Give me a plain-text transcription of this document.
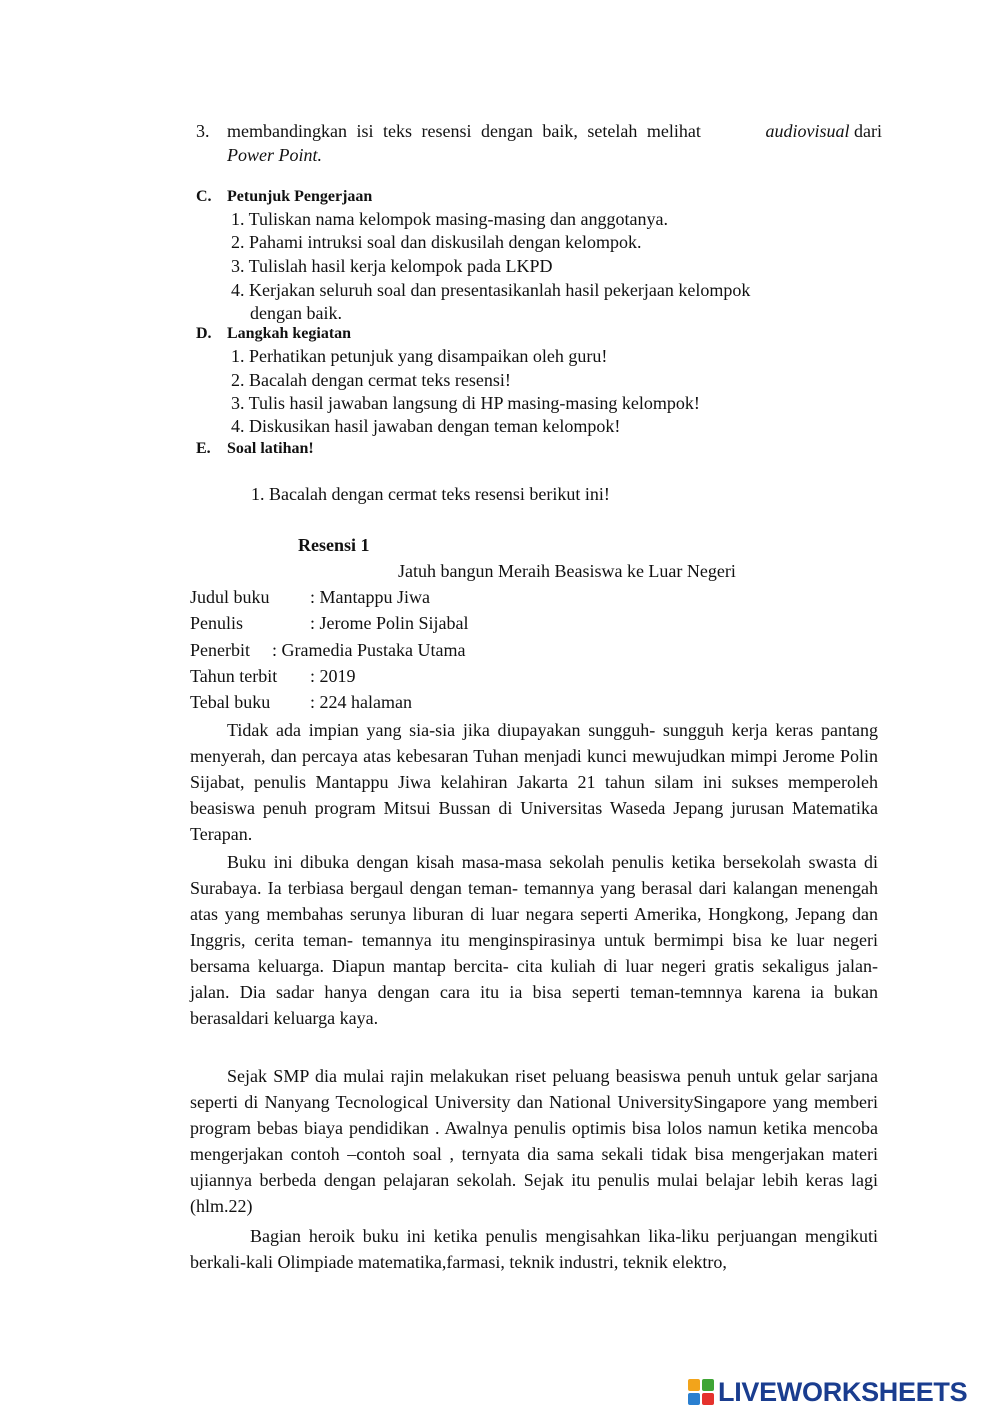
3. membandingkan isi teks resensi dengan baik, setelah melihat	audiovisual dari
Power Point.
C. Petunjuk Pengerjaan
1. Tuliskan nama kelompok masing-masing dan anggotanya.
2. Pahami intruksi soal dan diskusilah dengan kelompok.
3. Tulislah hasil kerja kelompok pada LKPD
4. Kerjakan seluruh soal dan presentasikanlah hasil pekerjaan kelompok
dengan baik.
D. Langkah kegiatan
1. Perhatikan petunjuk yang disampaikan oleh guru!
2. Bacalah dengan cermat teks resensi!
3. Tulis hasil jawaban langsung di HP masing-masing kelompok!
4. Diskusikan hasil jawaban dengan teman kelompok!
E. Soal latihan!
1. Bacalah dengan cermat teks resensi berikut ini!
Resensi 1
Jatuh bangun Meraih Beasiswa ke Luar Negeri
Judul buku : Mantappu Jiwa
Penulis	: Jerome Polin Sijabal
Penerbit : Gramedia Pustaka Utama
Tahun terbit : 2019
Tebal buku : 224 halaman
Tidak ada impian yang sia-sia jika diupayakan sungguh- sungguh kerja keras pantang menyerah, dan percaya atas kebesaran Tuhan menjadi kunci mewujudkan mimpi Jerome Polin Sijabat, penulis Mantappu Jiwa kelahiran Jakarta 21 tahun silam ini sukses memperoleh beasiswa penuh program Mitsui Bussan di Universitas Waseda Jepang jurusan Matematika Terapan.
Buku ini dibuka dengan kisah masa-masa sekolah penulis ketika bersekolah swasta di Surabaya. Ia terbiasa bergaul dengan teman- temannya yang berasal dari kalangan menengah atas yang membahas serunya liburan di luar negara seperti Amerika, Hongkong, Jepang dan Inggris, cerita teman- temannya itu menginspirasinya untuk bermimpi bisa ke luar negeri bersama keluarga. Diapun mantap bercita- cita kuliah di luar negeri gratis sekaligus jalan- jalan. Dia sadar hanya dengan cara itu ia bisa seperti teman-temnnya karena ia bukan berasaldari keluarga kaya.
Sejak SMP dia mulai rajin melakukan riset peluang beasiswa penuh untuk gelar sarjana seperti di Nanyang Tecnological University dan National UniversitySingapore yang memberi program bebas biaya pendidikan . Awalnya penulis optimis bisa lolos namun ketika mencoba mengerjakan contoh –contoh soal , ternyata dia sama sekali tidak bisa mengerjakan materi ujiannya berbeda dengan pelajaran sekolah. Sejak itu penulis mulai belajar lebih keras lagi (hlm.22)
Bagian heroik buku ini ketika penulis mengisahkan lika-liku perjuangan mengikuti berkali-kali Olimpiade matematika,farmasi, teknik industri, teknik elektro,
LIVEWORKSHEETS
